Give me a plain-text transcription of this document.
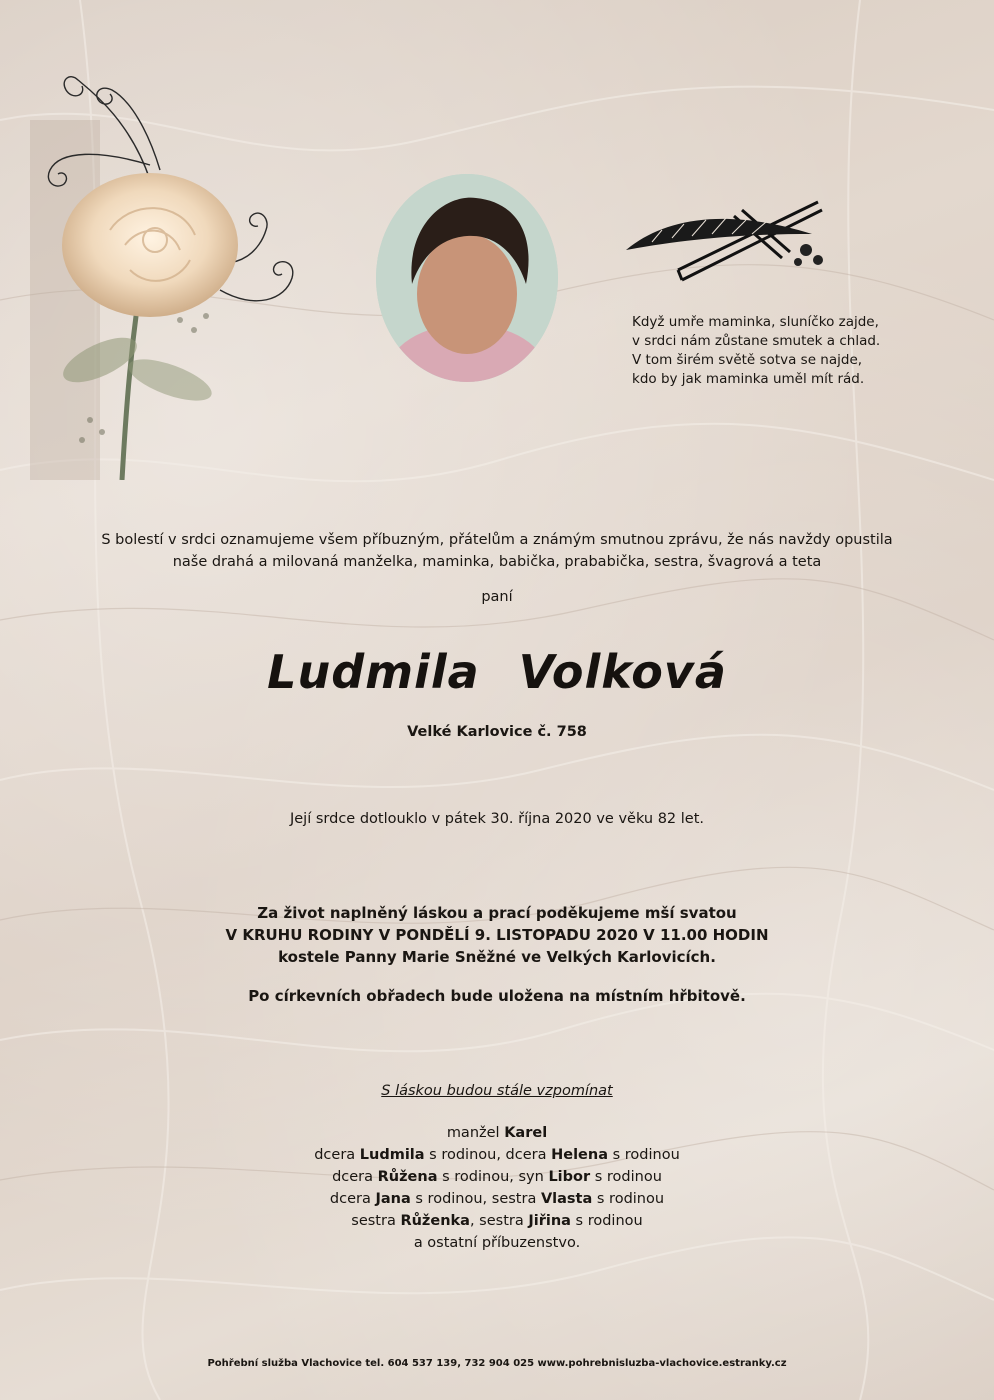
Když umře maminka, sluníčko zajde,
v srdci nám zůstane smutek a chlad.
V tom širém světě sotva se najde,
kdo by jak maminka uměl mít rád.
S bolestí v srdci oznamujeme všem příbuzným, přátelům a známým smutnou zprávu, že nás navždy opustila
naše drahá a milovaná manželka, maminka, babička, prababička, sestra, švagrová a teta
paní
Ludmila Volková
Velké Karlovice č. 758
Její srdce dotlouklo v pátek 30. října 2020 ve věku 82 let.
Za život naplněný láskou a prací poděkujeme mší svatou
V KRUHU RODINY V PONDĚLÍ 9. LISTOPADU 2020 V 11.00 HODIN
kostele Panny Marie Sněžné ve Velkých Karlovicích.
Po církevních obřadech bude uložena na místním hřbitově.
S láskou budou stále vzpomínat
manžel Karel
dcera Ludmila s rodinou, dcera Helena s rodinou
dcera Růžena s rodinou, syn Libor s rodinou
dcera Jana s rodinou, sestra Vlasta s rodinou
sestra Růženka, sestra Jiřina s rodinou
a ostatní příbuzenstvo.
Pohřební služba Vlachovice tel. 604 537 139, 732 904 025 www.pohrebnisluzba-vlachovice.estranky.cz
